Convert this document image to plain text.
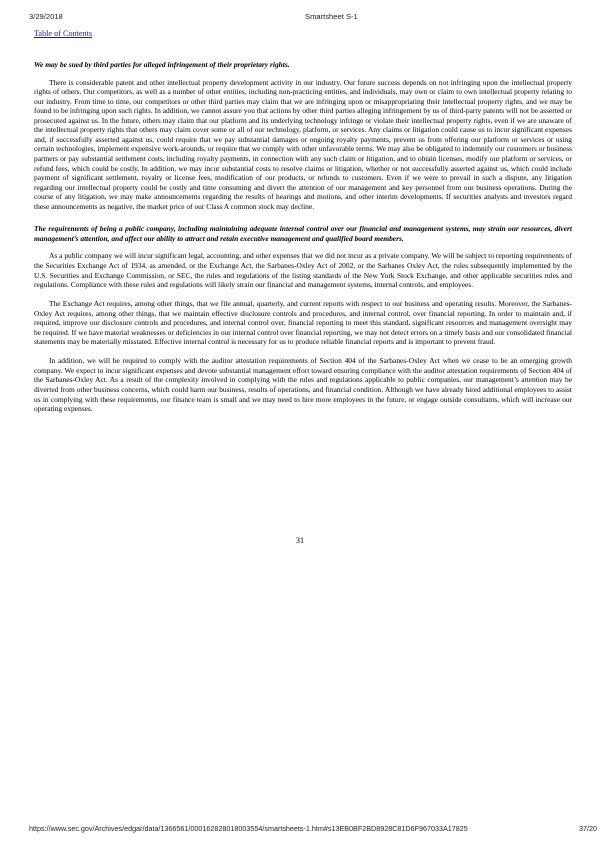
3/29/2018	Smartsheet S-1
Table of Contents
We may be sued by third parties for alleged infringement of their proprietary rights.

There is considerable patent and other intellectual property development activity in our industry. Our future success depends on not infringing upon the intellectual property rights of others. Our competitors, as well as a number of other entities, including non-practicing entities, and individuals, may own or claim to own intellectual property relating to our industry. From time to time, our competitors or other third parties may claim that we are infringing upon or misappropriating their intellectual property rights, and we may be found to be infringing upon such rights. In addition, we cannot assure you that actions by other third parties alleging infringement by us of third-party patents will not be asserted or prosecuted against us. In the future, others may claim that our platform and its underlying technology infringe or violate their intellectual property rights, even if we are unaware of the intellectual property rights that others may claim cover some or all of our technology, platform, or services. Any claims or litigation could cause us to incur significant expenses and, if successfully asserted against us, could require that we pay substantial damages or ongoing royalty payments, prevent us from offering our platform or services or using certain technologies, implement expensive work-arounds, or require that we comply with other unfavorable terms. We may also be obligated to indemnify our customers or business partners or pay substantial settlement costs, including royalty payments, in connection with any such claim or litigation, and to obtain licenses, modify our platform or services, or refund fees, which could be costly. In addition, we may incur substantial costs to resolve claims or litigation, whether or not successfully asserted against us, which could include payment of significant settlement, royalty or license fees, modification of our products, or refunds to customers. Even if we were to prevail in such a dispute, any litigation regarding our intellectual property could be costly and time consuming and divert the attention of our management and key personnel from our business operations. During the course of any litigation, we may make announcements regarding the results of hearings and motions, and other interim developments. If securities analysts and investors regard these announcements as negative, the market price of our Class A common stock may decline.

The requirements of being a public company, including maintaining adequate internal control over our financial and management systems, may strain our resources, divert management’s attention, and affect our ability to attract and retain executive management and qualified board members.

As a public company we will incur significant legal, accounting, and other expenses that we did not incur as a private company. We will be subject to reporting requirements of the Securities Exchange Act of 1934, as amended, or the Exchange Act, the Sarbanes-Oxley Act of 2002, or the Sarbanes Oxley Act, the rules subsequently implemented by the U.S. Securities and Exchange Commission, or SEC, the rules and regulations of the listing standards of the New York Stock Exchange, and other applicable securities rules and regulations. Compliance with these rules and regulations will likely strain our financial and management systems, internal controls, and employees.

The Exchange Act requires, among other things, that we file annual, quarterly, and current reports with respect to our business and operating results. Moreover, the Sarbanes-Oxley Act requires, among other things, that we maintain effective disclosure controls and procedures, and internal control, over financial reporting. In order to maintain and, if required, improve our disclosure controls and procedures, and internal control over, financial reporting to meet this standard, significant resources and management oversight may be required. If we have material weaknesses or deficiencies in our internal control over financial reporting, we may not detect errors on a timely basis and our consolidated financial statements may be materially misstated. Effective internal control is necessary for us to produce reliable financial reports and is important to prevent fraud.

In addition, we will be required to comply with the auditor attestation requirements of Section 404 of the Sarbanes-Oxley Act when we cease to be an emerging growth company. We expect to incur significant expenses and devote substantial management effort toward ensuring compliance with the auditor attestation requirements of Section 404 of the Sarbanes-Oxley Act. As a result of the complexity involved in complying with the rules and regulations applicable to public companies, our management’s attention may be diverted from other business concerns, which could harm our business, results of operations, and financial condition. Although we have already hired additional employees to assist us in complying with these requirements, our finance team is small and we may need to hire more employees in the future, or engage outside consultants, which will increase our operating expenses.

31
https://www.sec.gov/Archives/edgar/data/1366561/000162828018003554/smartsheets-1.htm#s13EB0BF2BD8928C81D6F967033A17825	37/20
